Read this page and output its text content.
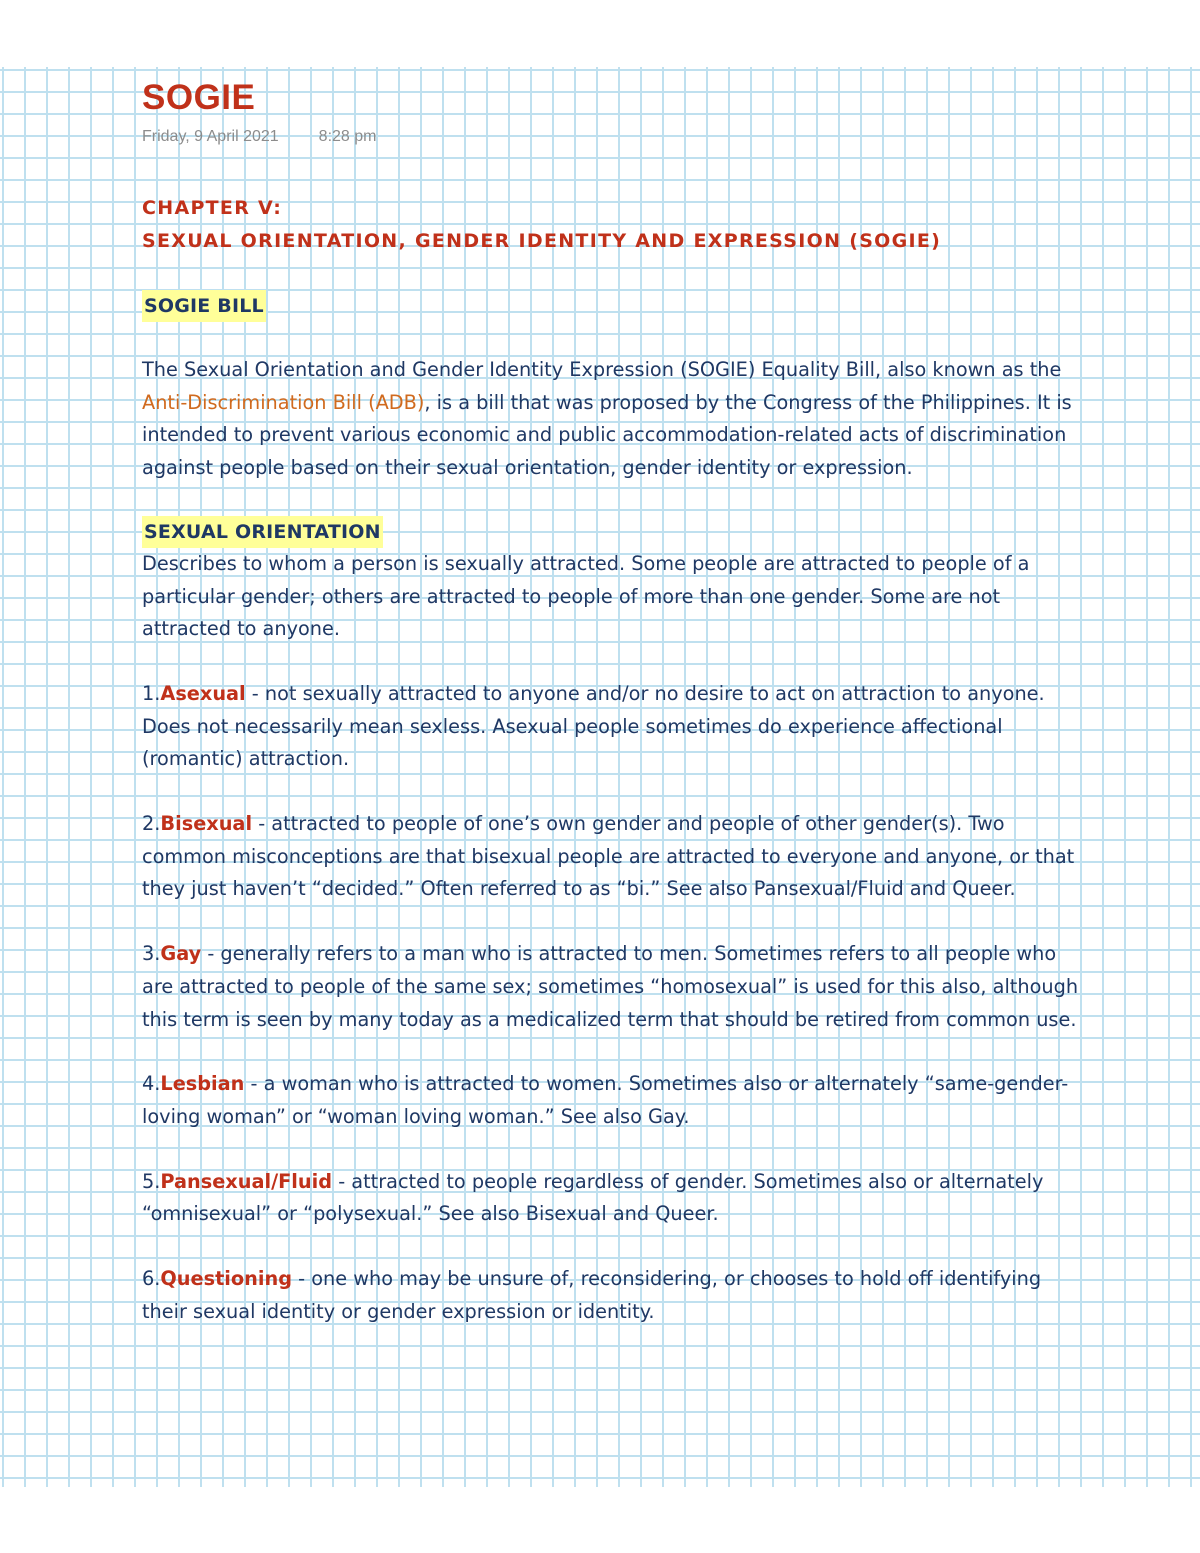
SOGIE
Friday, 9 April 2021	8:28 pm
CHAPTER V:
SEXUAL ORIENTATION, GENDER IDENTITY AND EXPRESSION (SOGIE)
SOGIE BILL

The Sexual Orientation and Gender Identity Expression (SOGIE) Equality Bill, also known as the Anti-Discrimination Bill (ADB), is a bill that was proposed by the Congress of the Philippines. It is intended to prevent various economic and public accommodation-related acts of discrimination against people based on their sexual orientation, gender identity or expression.

SEXUAL ORIENTATION

Describes to whom a person is sexually attracted. Some people are attracted to people of a particular gender; others are attracted to people of more than one gender. Some are not attracted to anyone.

1.Asexual - not sexually attracted to anyone and/or no desire to act on attraction to anyone. Does not necessarily mean sexless. Asexual people sometimes do experience affectional (romantic) attraction.

2.Bisexual - attracted to people of one’s own gender and people of other gender(s). Two common misconceptions are that bisexual people are attracted to everyone and anyone, or that they just haven’t “decided.” Often referred to as “bi.” See also Pansexual/Fluid and Queer.

3.Gay - generally refers to a man who is attracted to men. Sometimes refers to all people who are attracted to people of the same sex; sometimes “homosexual” is used for this also, although this term is seen by many today as a medicalized term that should be retired from common use.

4.Lesbian - a woman who is attracted to women. Sometimes also or alternately “same-gender-loving woman” or “woman loving woman.” See also Gay.

5.Pansexual/Fluid - attracted to people regardless of gender. Sometimes also or alternately “omnisexual” or “polysexual.” See also Bisexual and Queer.

6.Questioning - one who may be unsure of, reconsidering, or chooses to hold off identifying their sexual identity or gender expression or identity.
